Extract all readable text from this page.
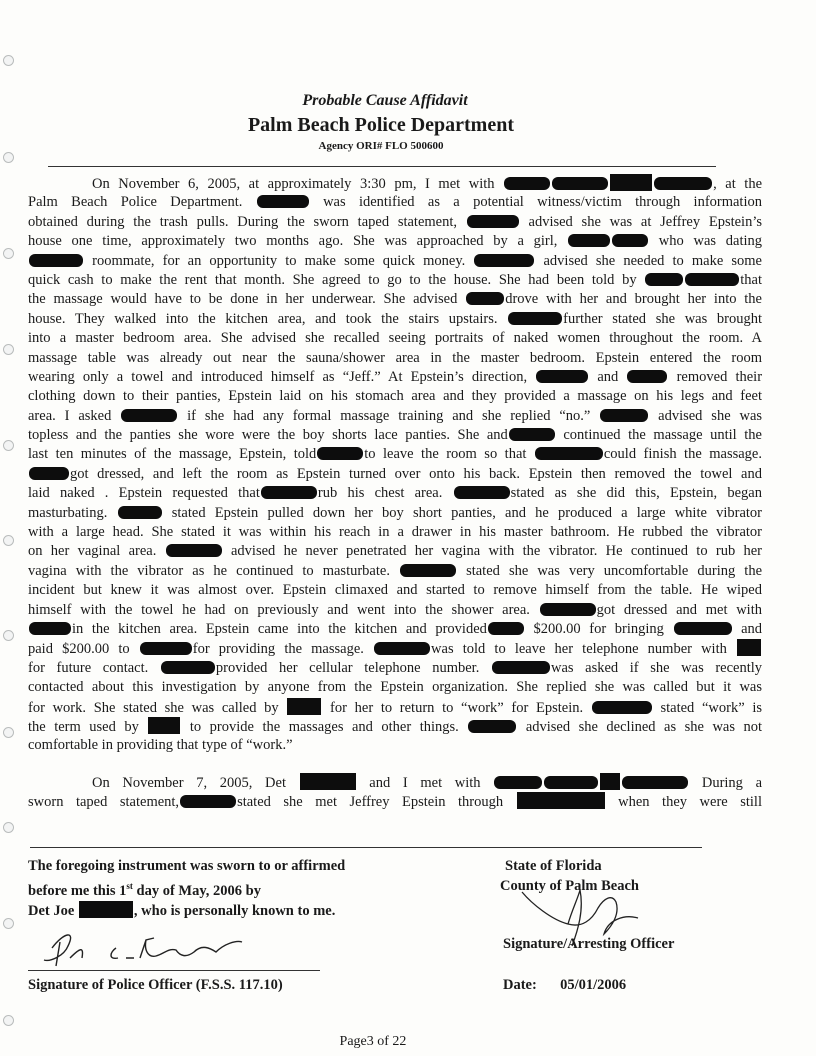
Probable Cause Affidavit
Palm Beach Police Department
Agency ORI# FLO 500600
On November 6, 2005, at approximately 3:30 pm, I met with	, at the
Palm Beach Police Department.	was identified as a potential witness/victim through information
obtained during the trash pulls. During the sworn taped statement,	advised she was at Jeffrey Epstein’s
house one time, approximately two months ago. She was approached by a girl,	who was dating
roommate, for an opportunity to make some quick money.	advised she needed to make some
quick cash to make the rent that month. She agreed to go to the house. She had been told by	that
the massage would have to be done in her underwear. She advised	drove with her and brought her into the
house. They walked into the kitchen area, and took the stairs upstairs.	further stated she was brought
into a master bedroom area. She advised she recalled seeing portraits of naked women throughout the room. A
massage table was already out near the sauna/shower area in the master bedroom. Epstein entered the room
wearing only a towel and introduced himself as “Jeff.” At Epstein’s direction,	and	removed their
clothing down to their panties, Epstein laid on his stomach area and they provided a massage on his legs and feet
area. I asked	if she had any formal massage training and she replied “no.”	advised she was
topless and the panties she wore were the boy shorts lace panties. She and	continued the massage until the
last ten minutes of the massage, Epstein, told	to leave the room so that	could finish the massage.
got dressed, and left the room as Epstein turned over onto his back. Epstein then removed the towel and
laid naked . Epstein requested that	rub his chest area.	stated as she did this, Epstein, began
masturbating.	stated Epstein pulled down her boy short panties, and he produced a large white vibrator
with a large head. She stated it was within his reach in a drawer in his master bathroom. He rubbed the vibrator
on her vaginal area.	advised he never penetrated her vagina with the vibrator. He continued to rub her
vagina with the vibrator as he continued to masturbate.	stated she was very uncomfortable during the
incident but knew it was almost over. Epstein climaxed and started to remove himself from the table. He wiped
himself with the towel he had on previously and went into the shower area.	got dressed and met with
in the kitchen area. Epstein came into the kitchen and provided	$200.00 for bringing	and
paid $200.00 to	for providing the massage.	was told to leave her telephone number with
for future contact.	provided her cellular telephone number.	was asked if she was recently
contacted about this investigation by anyone from the Epstein organization. She replied she was called but it was
for work. She stated she was called by	for her to return to “work” for Epstein.	stated “work” is
the term used by	to provide the massages and other things.	advised she declined as she was not
comfortable in providing that type of “work.”
On November 7, 2005, Det	and I met with	During a
sworn taped statement,	stated she met Jeffrey Epstein through	when they were still
The foregoing instrument was sworn to or affirmed
before me this 1st day of May, 2006 by
Det Joe	, who is personally known to me.
Signature of Police Officer (F.S.S. 117.10)
State of Florida
County of Palm Beach
Signature/Arresting Officer
Date: 05/01/2006
Page3 of 22
